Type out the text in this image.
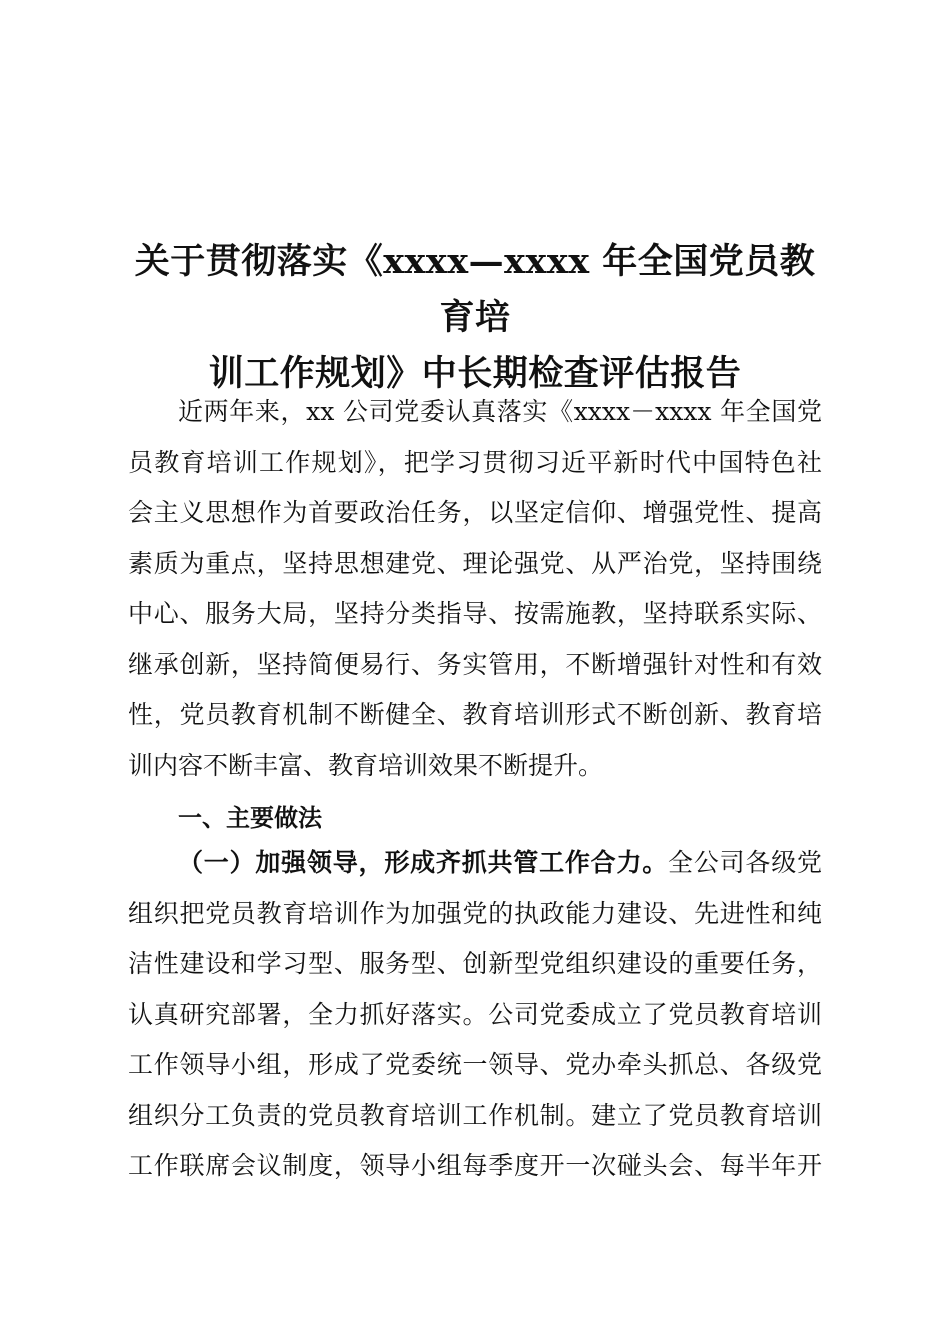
关于贯彻落实《xxxx—xxxx 年全国党员教育培
训工作规划》中长期检查评估报告
近两年来，xx 公司党委认真落实《xxxx－xxxx 年全国党
员教育培训工作规划》，把学习贯彻习近平新时代中国特色社
会主义思想作为首要政治任务，以坚定信仰、增强党性、提高
素质为重点，坚持思想建党、理论强党、从严治党，坚持围绕
中心、服务大局，坚持分类指导、按需施教，坚持联系实际、
继承创新，坚持简便易行、务实管用，不断增强针对性和有效
性，党员教育机制不断健全、教育培训形式不断创新、教育培
训内容不断丰富、教育培训效果不断提升。
一、主要做法
（一）加强领导，形成齐抓共管工作合力。全公司各级党
组织把党员教育培训作为加强党的执政能力建设、先进性和纯
洁性建设和学习型、服务型、创新型党组织建设的重要任务，
认真研究部署，全力抓好落实。公司党委成立了党员教育培训
工作领导小组，形成了党委统一领导、党办牵头抓总、各级党
组织分工负责的党员教育培训工作机制。建立了党员教育培训
工作联席会议制度，领导小组每季度开一次碰头会、每半年开
